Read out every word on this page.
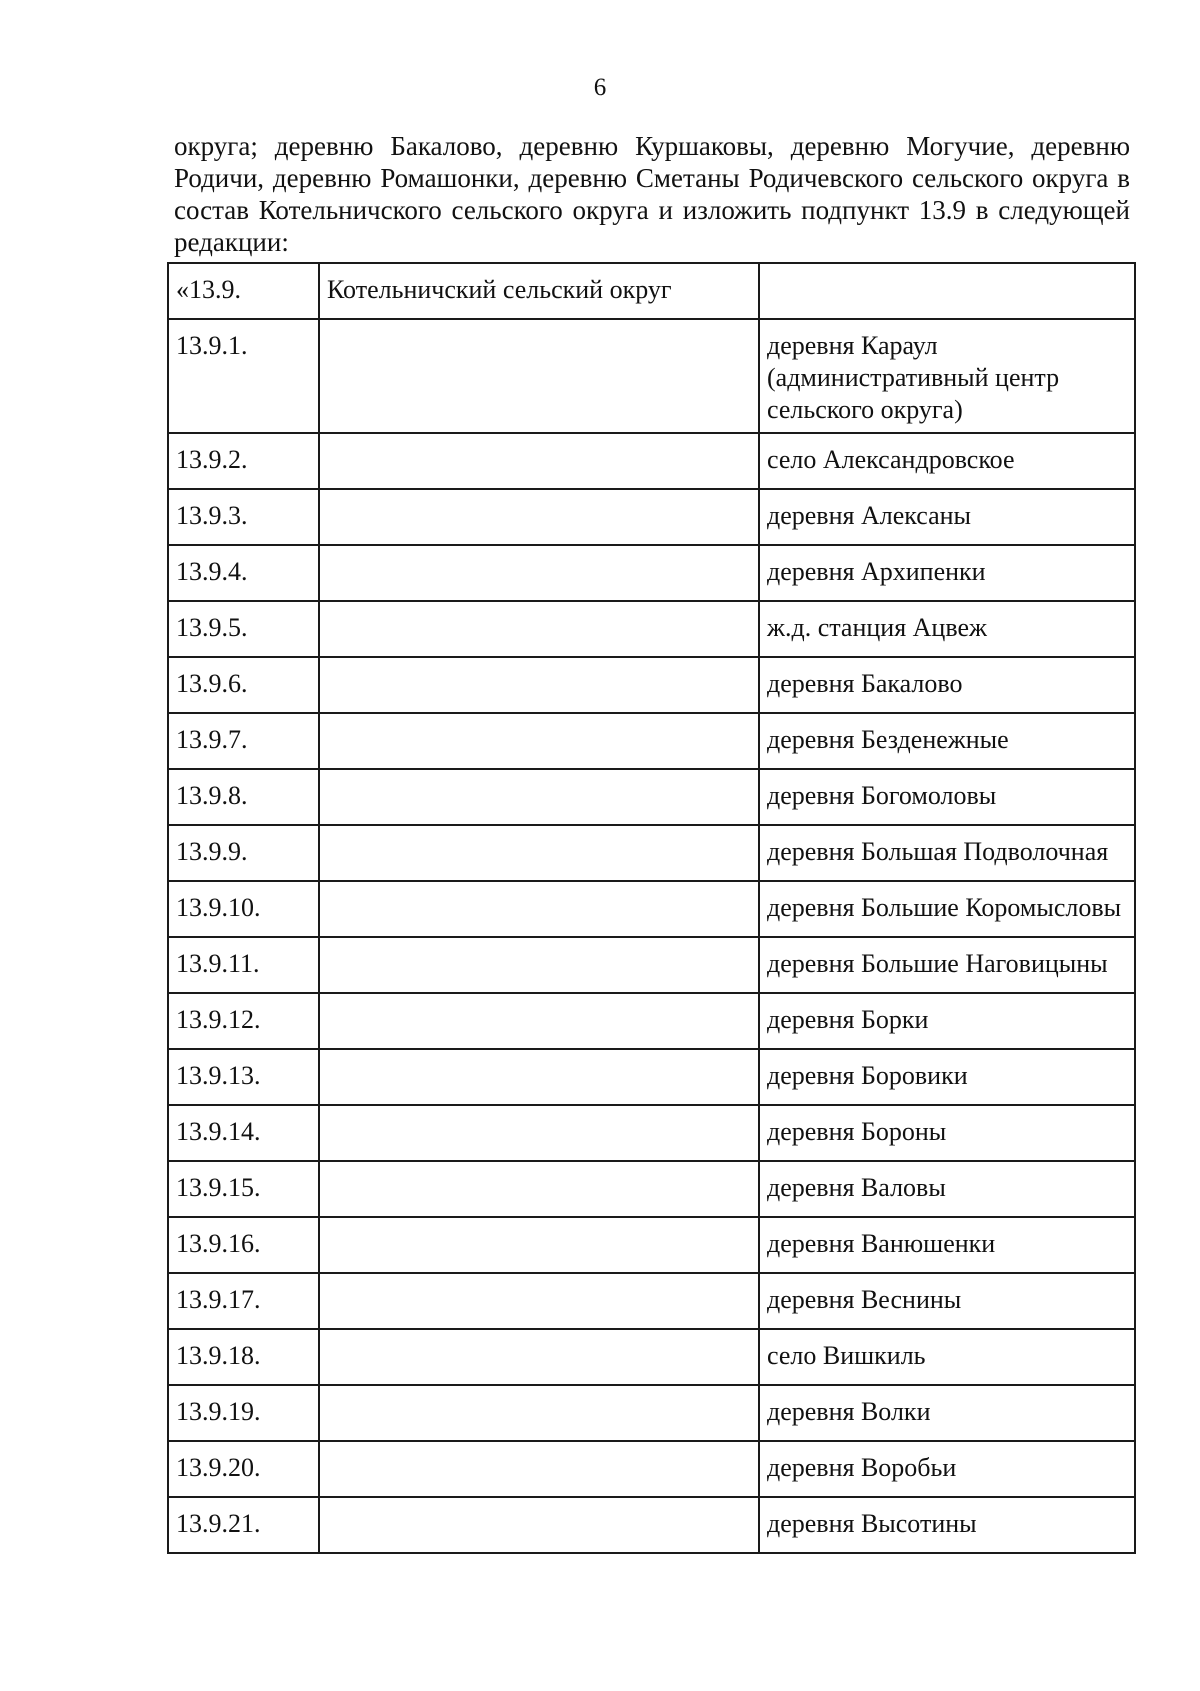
6
округа; деревню Бакалово, деревню Куршаковы, деревню Могучие, деревню Родичи, деревню Ромашонки, деревню Сметаны Родичевского сельского округа в состав Котельничского сельского округа и изложить подпункт 13.9 в следующей редакции:
«13.9.	Котельничский сельский округ	
13.9.1.		деревня Караул (административный центр сельского округа)
13.9.2.		село Александровское
13.9.3.		деревня Алексаны
13.9.4.		деревня Архипенки
13.9.5.		ж.д. станция Ацвеж
13.9.6.		деревня Бакалово
13.9.7.		деревня Безденежные
13.9.8.		деревня Богомоловы
13.9.9.		деревня Большая Подволочная
13.9.10.		деревня Большие Коромысловы
13.9.11.		деревня Большие Наговицыны
13.9.12.		деревня Борки
13.9.13.		деревня Боровики
13.9.14.		деревня Бороны
13.9.15.		деревня Валовы
13.9.16.		деревня Ванюшенки
13.9.17.		деревня Веснины
13.9.18.		село Вишкиль
13.9.19.		деревня Волки
13.9.20.		деревня Воробьи
13.9.21.		деревня Высотины
